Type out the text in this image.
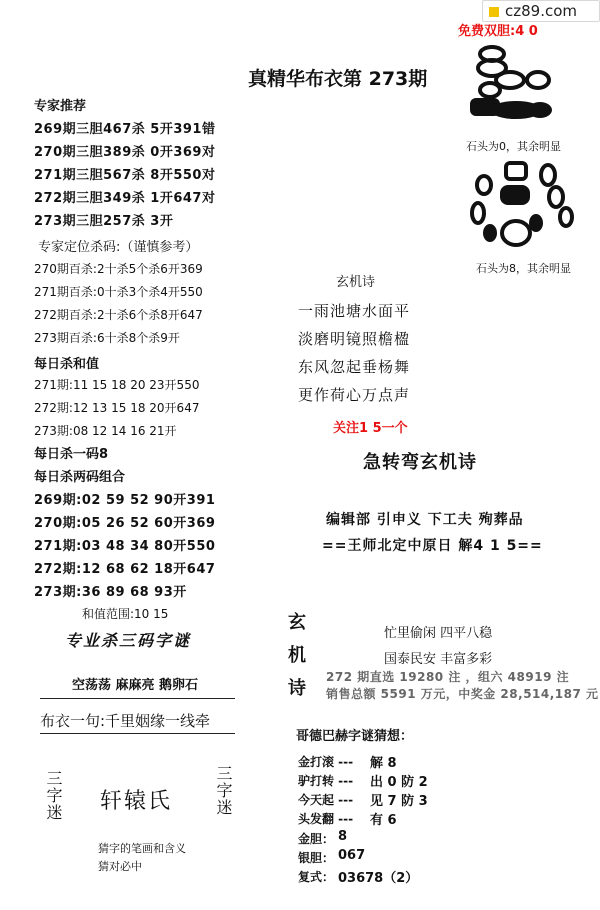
cz89.com
免费双胆:4 0
真精华布衣第 273期
专家推荐
269期三胆467杀 5开391错
270期三胆389杀 0开369对
271期三胆567杀 8开550对
272期三胆349杀 1开647对
273期三胆257杀 3开
专家定位杀码:（谨慎参考）
270期百杀:2十杀5个杀6开369
271期百杀:0十杀3个杀4开550
272期百杀:2十杀6个杀8开647
273期百杀:6十杀8个杀9开
每日杀和值
271期:11 15 18 20 23开550
272期:12 13 15 18 20开647
273期:08 12 14 16 21开
每日杀一码8
每日杀两码组合
269期:02 59 52 90开391
270期:05 26 52 60开369
271期:03 48 34 80开550
272期:12 68 62 18开647
273期:36 89 68 93开
和值范围:10 15
专业杀三码字谜
空荡荡 麻麻亮 鹅卵石
布衣一句:千里姻缘一线牵
三字迷 轩辕氏	三字迷
猜字的笔画和含义
猜对必中
石头为0，其余明显
石头为8，其余明显
玄机诗
一雨池塘水面平
淡磨明镜照檐楹
东风忽起垂杨舞
更作荷心万点声
关注1 5一个
急转弯玄机诗
编辑部 引申义 下工夫 殉葬品
==王师北定中原日 解4 1 5==
玄
机
诗
忙里偷闲 四平八稳
国泰民安 丰富多彩
272 期直选 19280 注 ，组六 48919 注
销售总额 5591 万元，中奖金 28,514,187 元
哥德巴赫字谜猜想：
金打滚 --- 解 8
驴打转 --- 出 0 防 2
今天起 --- 见 7 防 3
头发翻 --- 有 6
金胆： 8
银胆： 067
复式： 03678（2）
